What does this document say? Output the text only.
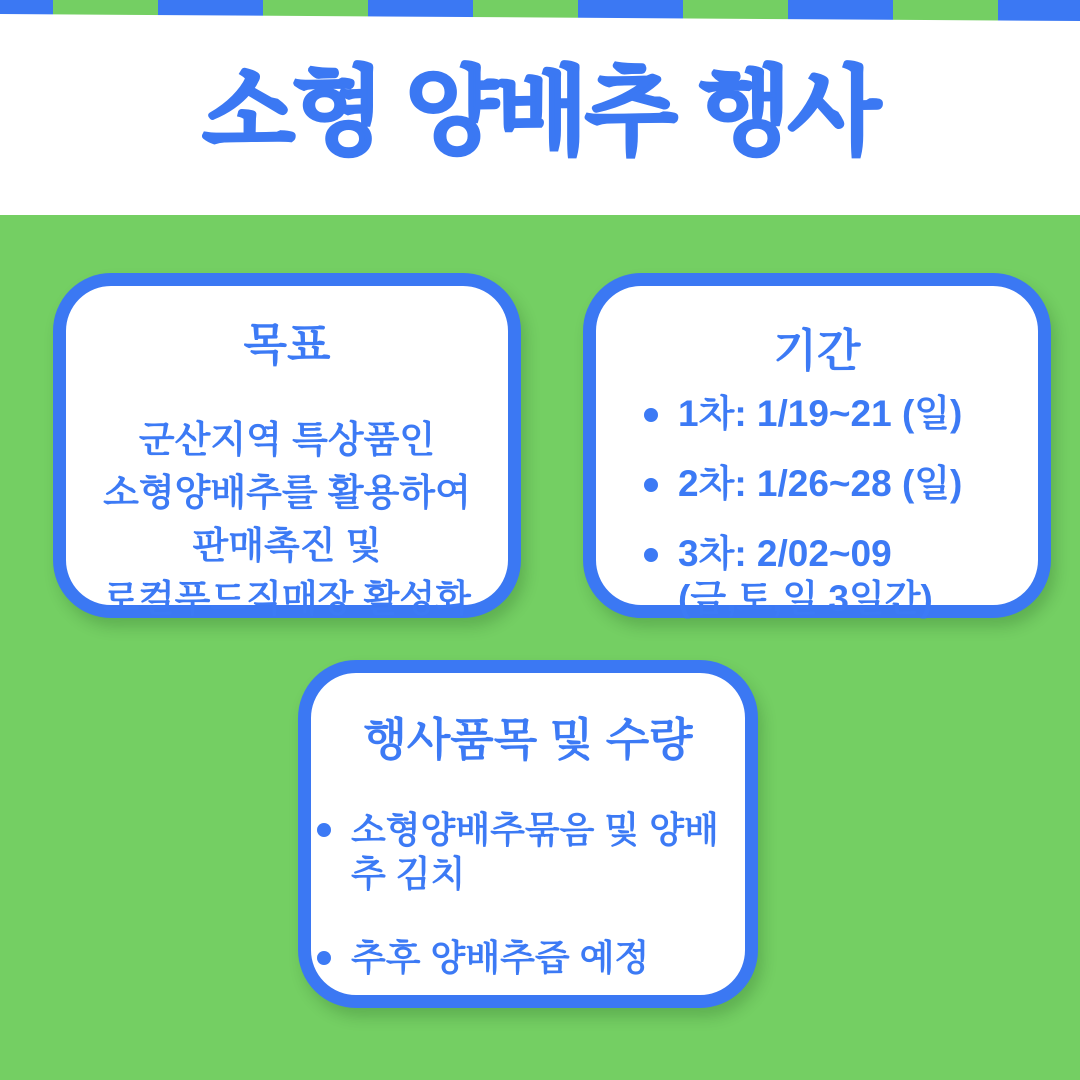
소형 양배추 행사
목표
군산지역 특상품인
소형양배추를 활용하여
판매촉진 및
로컬푸드직매장 활성화
기간
1차: 1/19~21 (일)
2차: 1/26~28 (일)
3차: 2/02~09
(금,토,일 3일간)
행사품목 및 수량
소형양배추묶음 및 양배추 김치
추후 양배추즙 예정
